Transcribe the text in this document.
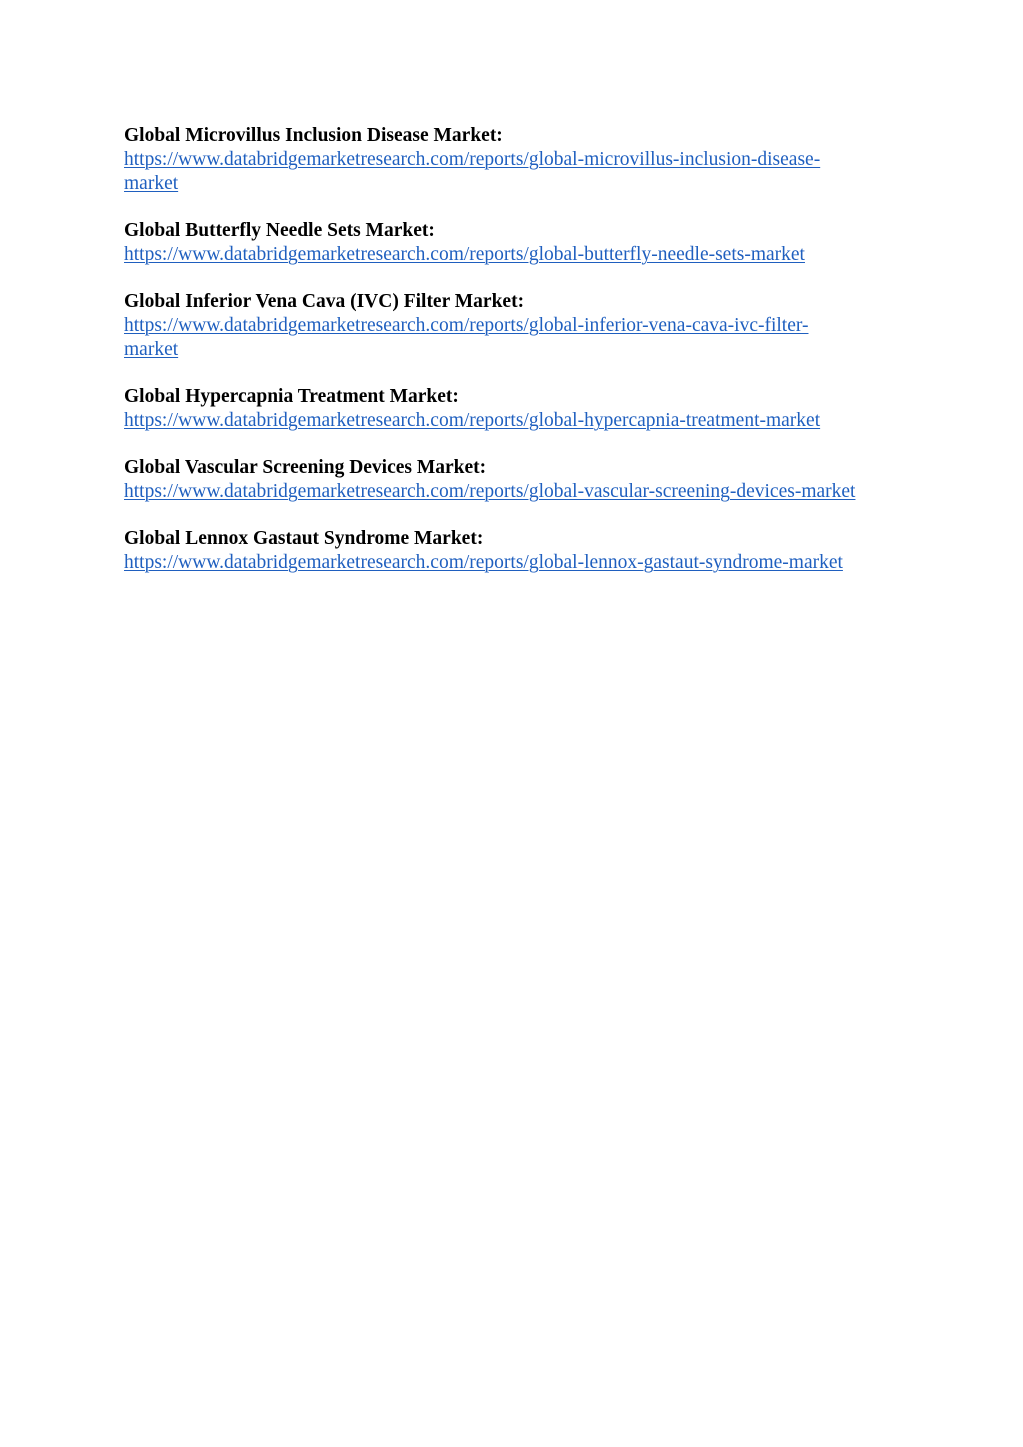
Global Microvillus Inclusion Disease Market:
https://www.databridgemarketresearch.com/reports/global-microvillus-inclusion-disease-
market
Global Butterfly Needle Sets Market:
https://www.databridgemarketresearch.com/reports/global-butterfly-needle-sets-market
Global Inferior Vena Cava (IVC) Filter Market:
https://www.databridgemarketresearch.com/reports/global-inferior-vena-cava-ivc-filter-
market
Global Hypercapnia Treatment Market:
https://www.databridgemarketresearch.com/reports/global-hypercapnia-treatment-market
Global Vascular Screening Devices Market:
https://www.databridgemarketresearch.com/reports/global-vascular-screening-devices-market
Global Lennox Gastaut Syndrome Market:
https://www.databridgemarketresearch.com/reports/global-lennox-gastaut-syndrome-market
